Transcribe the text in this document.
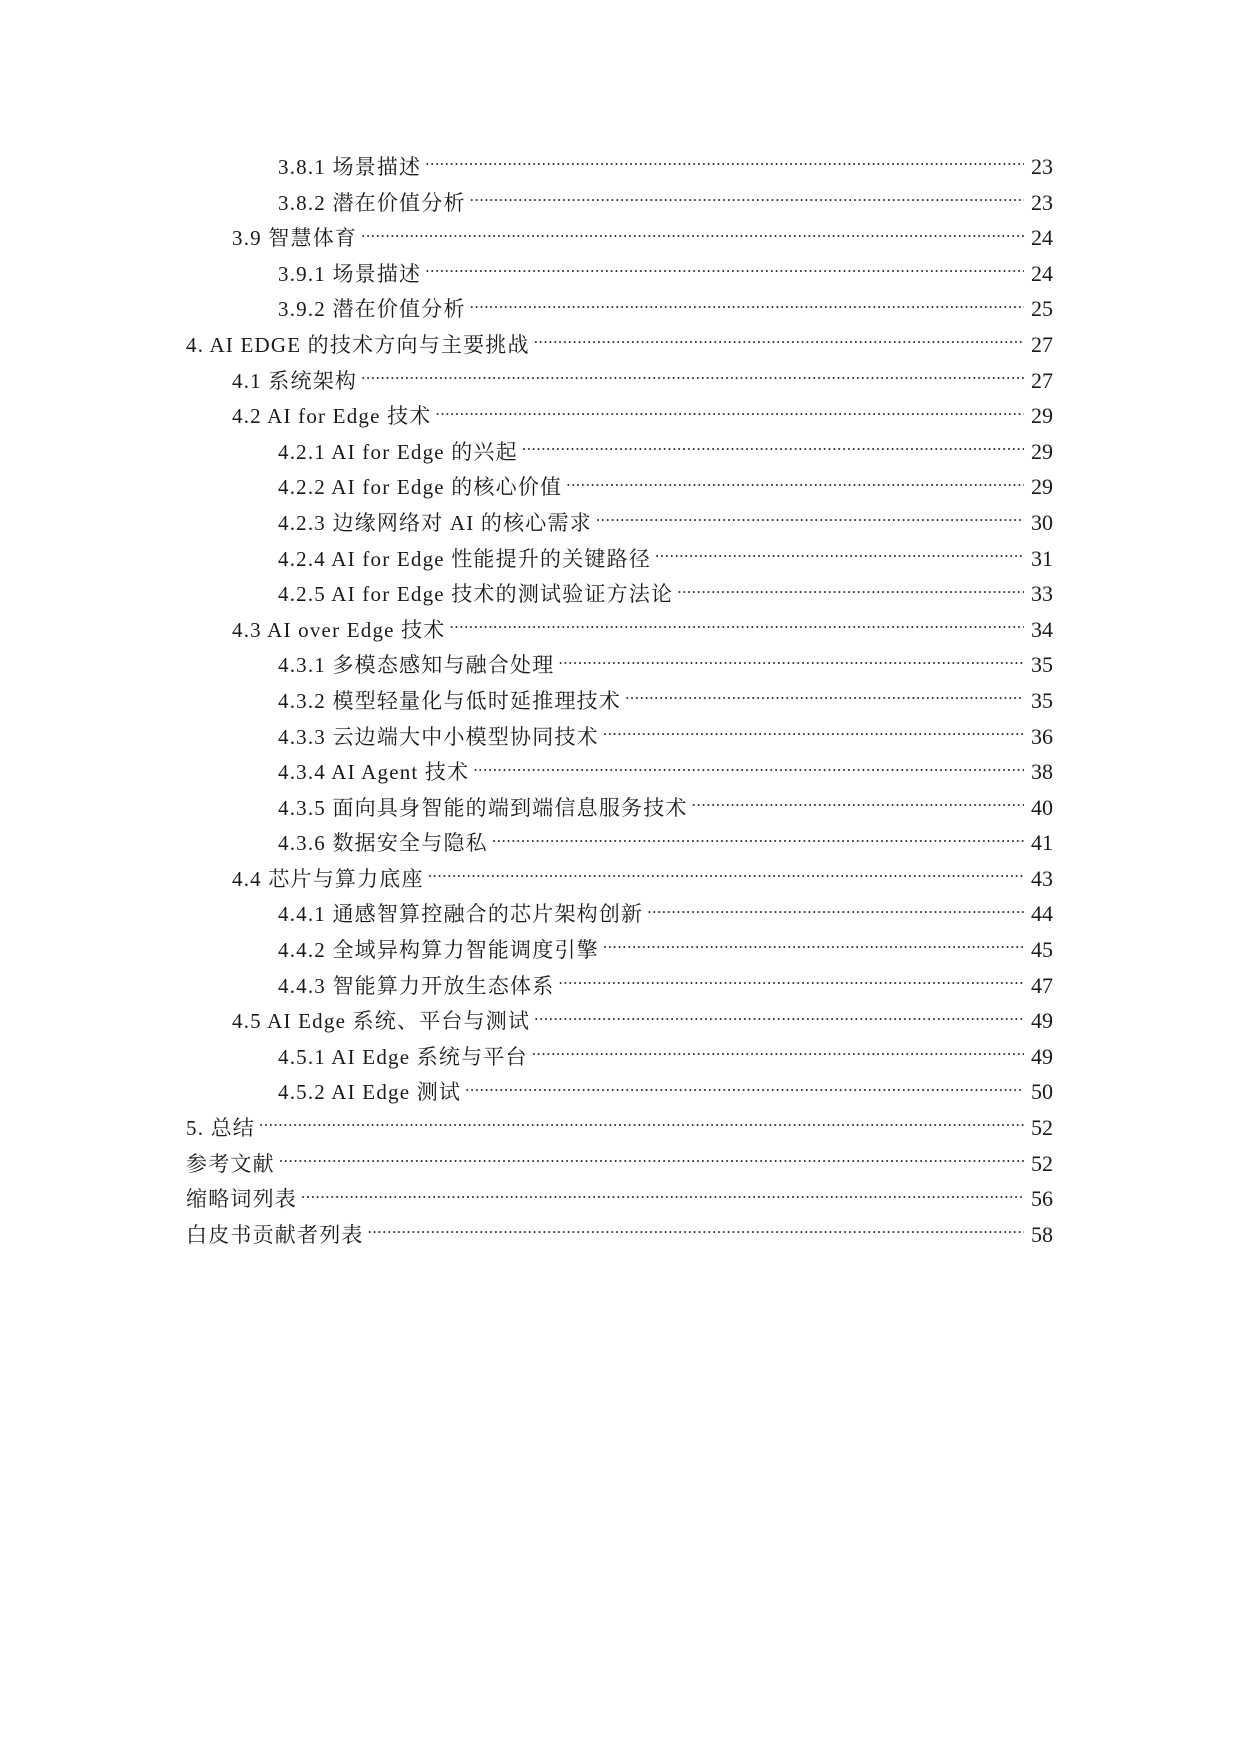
3.8.1 场景描述 .....	23
3.8.2 潜在价值分析 .....	23
3.9 智慧体育 .....	24
3.9.1 场景描述 .....	24
3.9.2 潜在价值分析 .....	25
4. AI EDGE 的技术方向与主要挑战 .....	27
4.1 系统架构 .....	27
4.2 AI for Edge 技术 .....	29
4.2.1 AI for Edge 的兴起 .....	29
4.2.2 AI for Edge 的核心价值 .....	29
4.2.3 边缘网络对 AI 的核心需求 .....	30
4.2.4 AI for Edge 性能提升的关键路径 .....	31
4.2.5 AI for Edge 技术的测试验证方法论 .....	33
4.3 AI over Edge 技术 .....	34
4.3.1 多模态感知与融合处理 .....	35
4.3.2 模型轻量化与低时延推理技术 .....	35
4.3.3 云边端大中小模型协同技术 .....	36
4.3.4 AI Agent 技术 .....	38
4.3.5 面向具身智能的端到端信息服务技术 .....	40
4.3.6 数据安全与隐私 .....	41
4.4 芯片与算力底座 .....	43
4.4.1 通感智算控融合的芯片架构创新 .....	44
4.4.2 全域异构算力智能调度引擎 .....	45
4.4.3 智能算力开放生态体系 .....	47
4.5 AI Edge 系统、平台与测试 .....	49
4.5.1 AI Edge 系统与平台 .....	49
4.5.2 AI Edge 测试 .....	50
5. 总结 .....	52
参考文献 .....	52
缩略词列表 .....	56
白皮书贡献者列表 .....	58
